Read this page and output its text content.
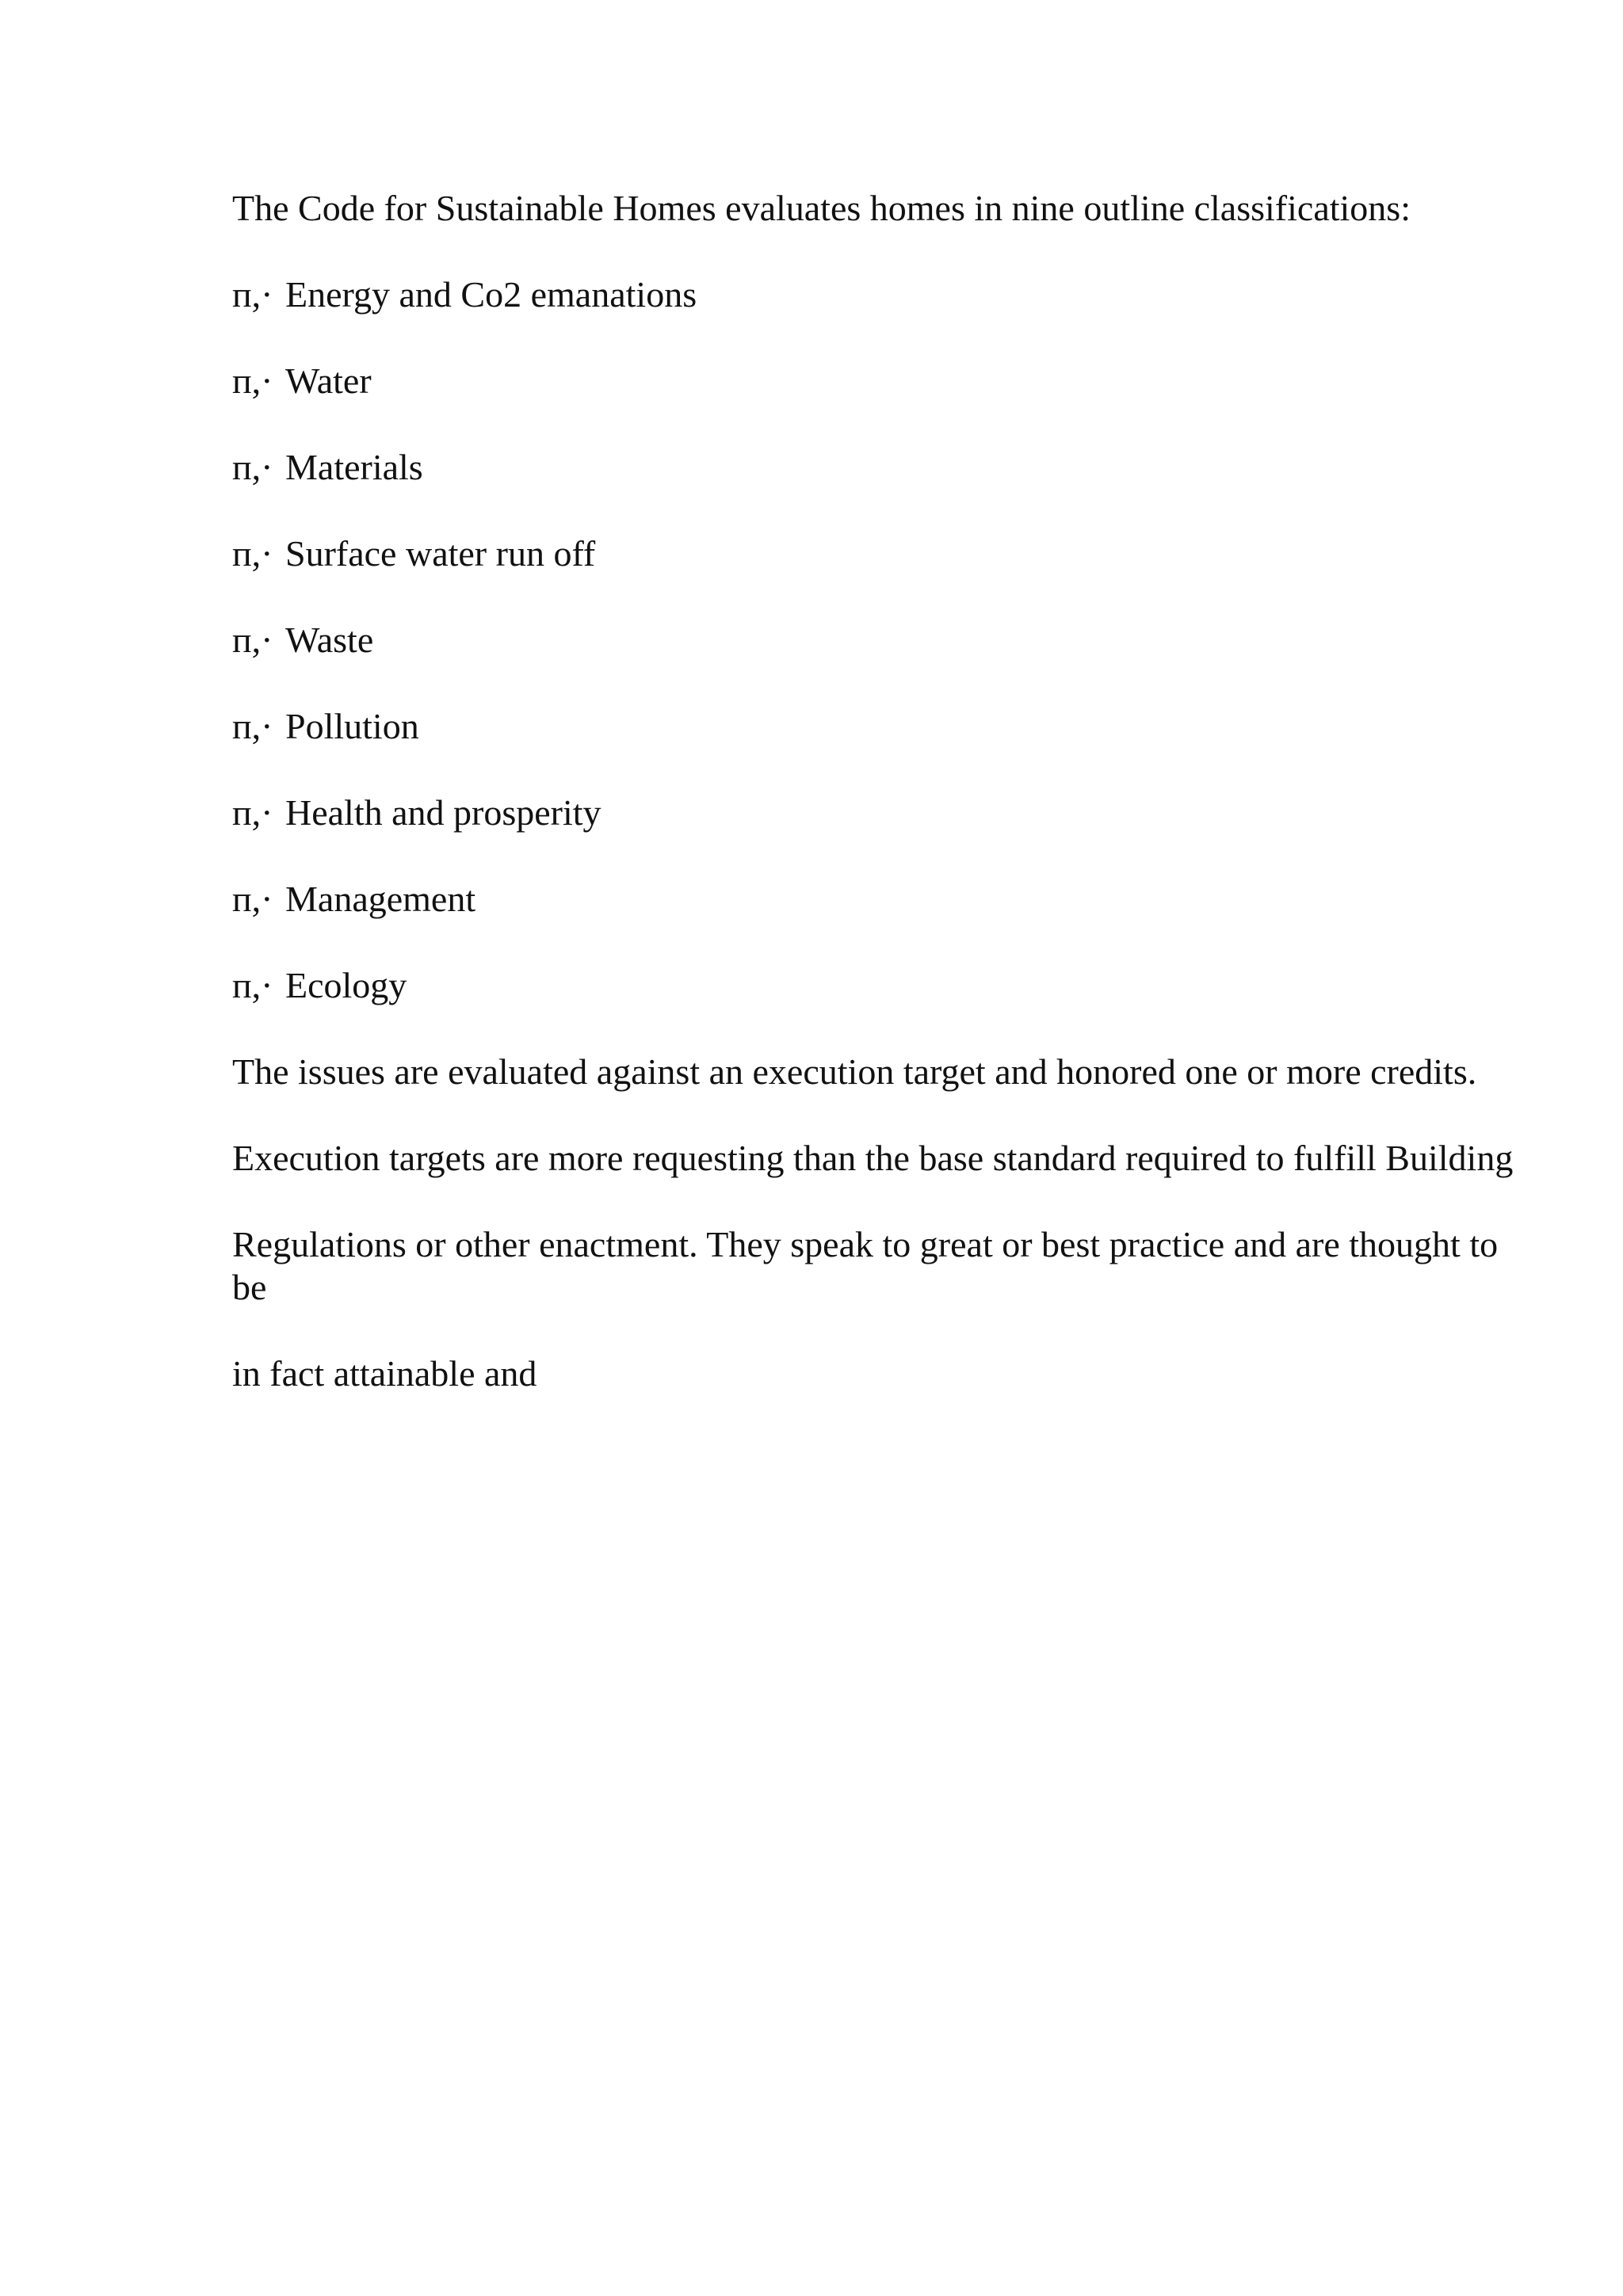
The Code for Sustainable Homes evaluates homes in nine outline classifications:

п,· Energy and Co2 emanations
п,· Water
п,· Materials
п,· Surface water run off
п,· Waste
п,· Pollution
п,· Health and prosperity
п,· Management
п,· Ecology

The issues are evaluated against an execution target and honored one or more credits.

Execution targets are more requesting than the base standard required to fulfill Building

Regulations or other enactment. They speak to great or best practice and are thought to be

in fact attainable and
